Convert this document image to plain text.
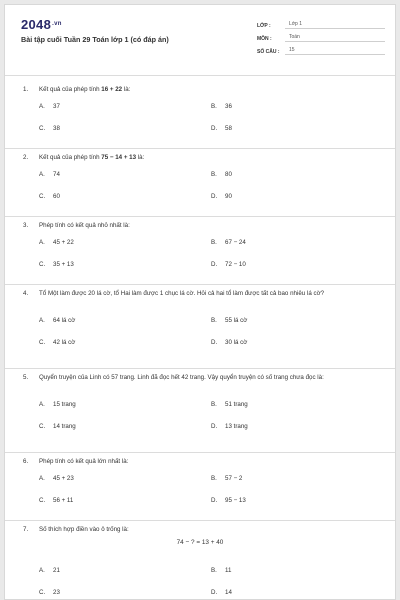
$2048^{.vn}$
Bài tập cuối Tuần 29 Toán lớp 1 (có đáp án)
LỚP :	Lớp 1
MÔN :	Toán
SỐ CÂU :	15
1.	Kết quả của phép tính 16 + 22 là:
A.	37	B.	36
C.	38	D.	58
2.	Kết quả của phép tính 75 − 14 + 13 là:
A.	74	B.	80
C.	60	D.	90
3.	Phép tính có kết quả nhỏ nhất là:
A.	45 + 22	B.	67 − 24
C.	35 + 13	D.	72 − 10
4.	Tổ Một làm được 20 lá cờ, tổ Hai làm được 1 chục lá cờ. Hỏi cả hai tổ làm được tất cả bao nhiêu lá cờ?
A.	64 lá cờ	B.	55 lá cờ
C.	42 lá cờ	D.	30 lá cờ
5.	Quyển truyện của Linh có 57 trang. Linh đã đọc hết 42 trang. Vậy quyển truyện có số trang chưa đọc là:
A.	15 trang	B.	51 trang
C.	14 trang	D.	13 trang
6.	Phép tính có kết quả lớn nhất là:
A.	45 + 23	B.	57 − 2
C.	56 + 11	D.	95 − 13
7.	Số thích hợp điền vào ô trống là:
74 − ? = 13 + 40
A.	21	B.	11
C.	23	D.	14
